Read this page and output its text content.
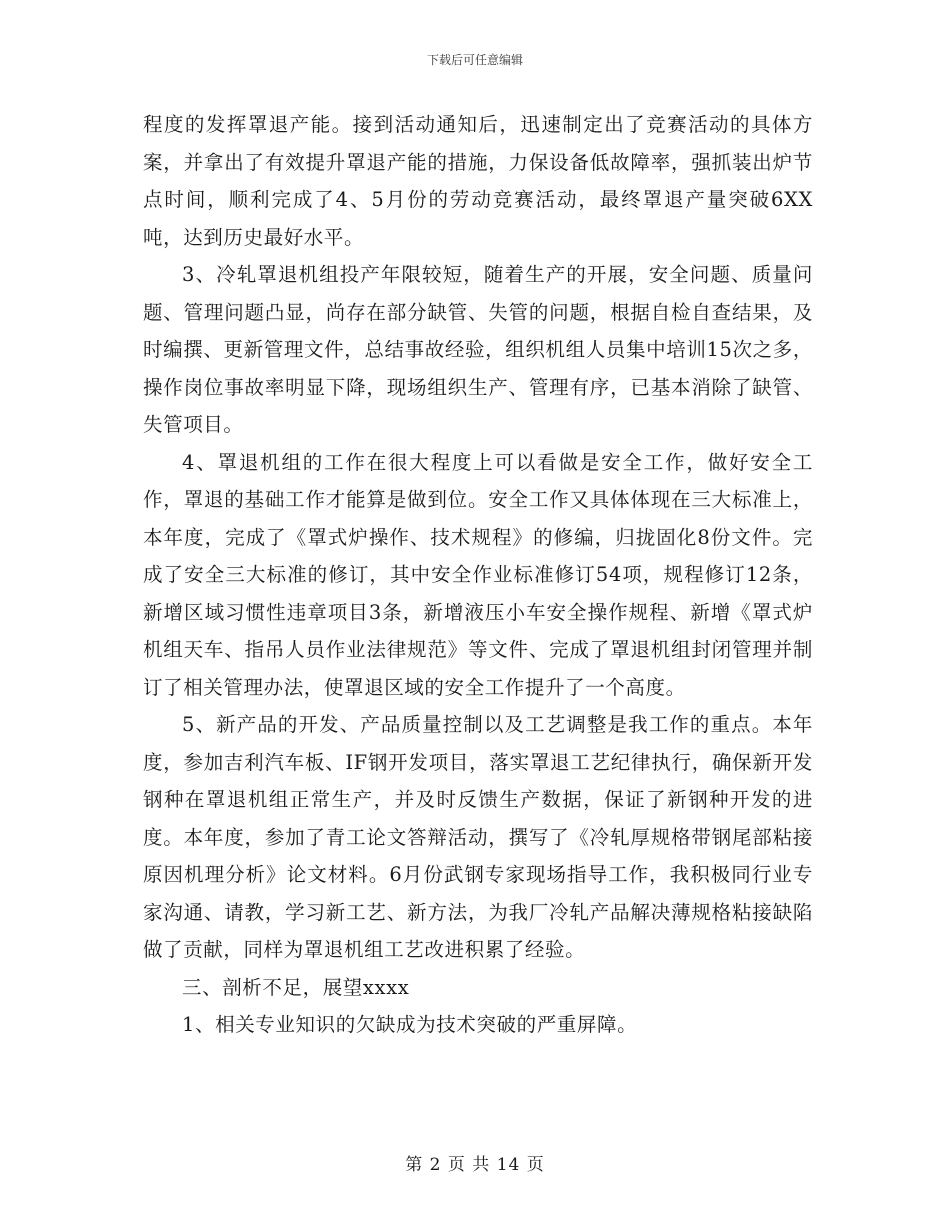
下载后可任意编辑

程度的发挥罩退产能。接到活动通知后，迅速制定出了竞赛活动的具体方案，并拿出了有效提升罩退产能的措施，力保设备低故障率，强抓装出炉节点时间，顺利完成了4、5月份的劳动竞赛活动，最终罩退产量突破6XX吨，达到历史最好水平。

3、冷轧罩退机组投产年限较短，随着生产的开展，安全问题、质量问题、管理问题凸显，尚存在部分缺管、失管的问题，根据自检自查结果，及时编撰、更新管理文件，总结事故经验，组织机组人员集中培训15次之多，操作岗位事故率明显下降，现场组织生产、管理有序，已基本消除了缺管、失管项目。

4、罩退机组的工作在很大程度上可以看做是安全工作，做好安全工作，罩退的基础工作才能算是做到位。安全工作又具体体现在三大标准上，本年度，完成了《罩式炉操作、技术规程》的修编，归拢固化8份文件。完成了安全三大标准的修订，其中安全作业标准修订54项，规程修订12条，新增区域习惯性违章项目3条，新增液压小车安全操作规程、新增《罩式炉机组天车、指吊人员作业法律规范》等文件、完成了罩退机组封闭管理并制订了相关管理办法，使罩退区域的安全工作提升了一个高度。

5、新产品的开发、产品质量控制以及工艺调整是我工作的重点。本年度，参加吉利汽车板、IF钢开发项目，落实罩退工艺纪律执行，确保新开发钢种在罩退机组正常生产，并及时反馈生产数据，保证了新钢种开发的进度。本年度，参加了青工论文答辩活动，撰写了《冷轧厚规格带钢尾部粘接原因机理分析》论文材料。6月份武钢专家现场指导工作，我积极同行业专家沟通、请教，学习新工艺、新方法，为我厂冷轧产品解决薄规格粘接缺陷做了贡献，同样为罩退机组工艺改进积累了经验。

三、剖析不足，展望xxxx

1、相关专业知识的欠缺成为技术突破的严重屏障。

第 2 页 共 14 页
